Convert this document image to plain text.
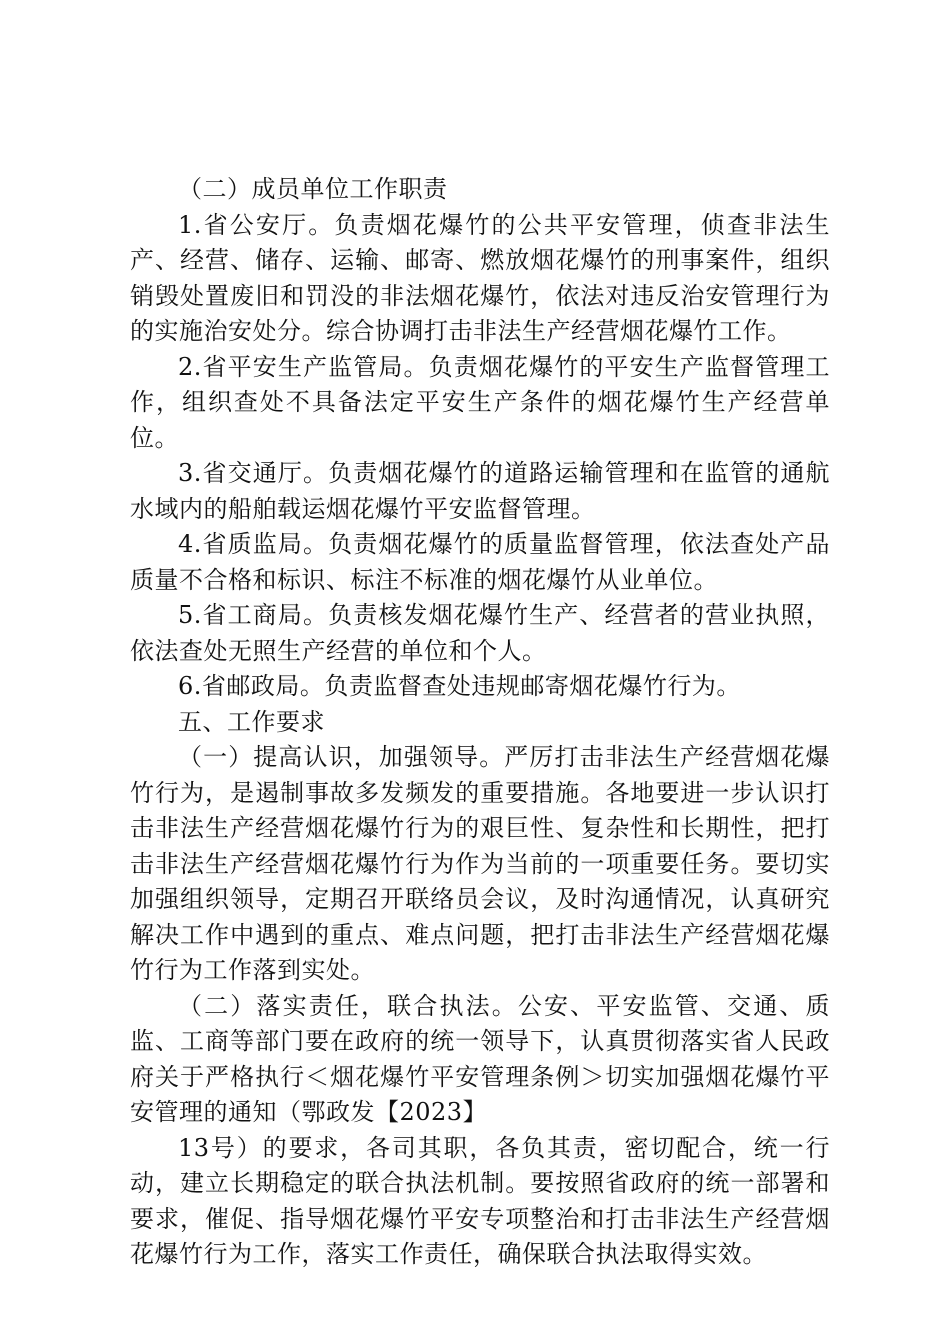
（二）成员单位工作职责

1.省公安厅。负责烟花爆竹的公共平安管理，侦查非法生产、经营、储存、运输、邮寄、燃放烟花爆竹的刑事案件，组织销毁处置废旧和罚没的非法烟花爆竹，依法对违反治安管理行为的实施治安处分。综合协调打击非法生产经营烟花爆竹工作。

2.省平安生产监管局。负责烟花爆竹的平安生产监督管理工作，组织查处不具备法定平安生产条件的烟花爆竹生产经营单位。

3.省交通厅。负责烟花爆竹的道路运输管理和在监管的通航水域内的船舶载运烟花爆竹平安监督管理。

4.省质监局。负责烟花爆竹的质量监督管理，依法查处产品质量不合格和标识、标注不标准的烟花爆竹从业单位。

5.省工商局。负责核发烟花爆竹生产、经营者的营业执照，依法查处无照生产经营的单位和个人。

6.省邮政局。负责监督查处违规邮寄烟花爆竹行为。

五、工作要求

（一）提高认识，加强领导。严厉打击非法生产经营烟花爆竹行为，是遏制事故多发频发的重要措施。各地要进一步认识打击非法生产经营烟花爆竹行为的艰巨性、复杂性和长期性，把打击非法生产经营烟花爆竹行为作为当前的一项重要任务。要切实加强组织领导，定期召开联络员会议，及时沟通情况，认真研究解决工作中遇到的重点、难点问题，把打击非法生产经营烟花爆竹行为工作落到实处。

（二）落实责任，联合执法。公安、平安监管、交通、质监、工商等部门要在政府的统一领导下，认真贯彻落实省人民政府关于严格执行＜烟花爆竹平安管理条例＞切实加强烟花爆竹平安管理的通知（鄂政发【2023】

13号）的要求，各司其职，各负其责，密切配合，统一行动，建立长期稳定的联合执法机制。要按照省政府的统一部署和要求，催促、指导烟花爆竹平安专项整治和打击非法生产经营烟花爆竹行为工作，落实工作责任，确保联合执法取得实效。
